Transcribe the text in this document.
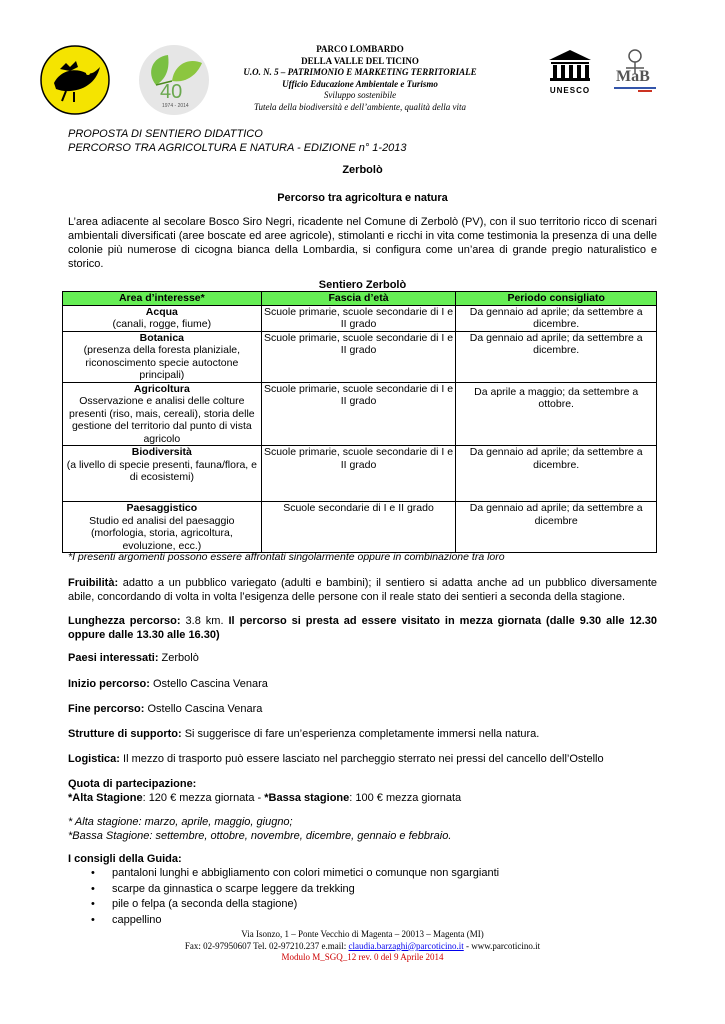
40
1974 - 2014
UNESCO
MaB
PARCO LOMBARDO
DELLA VALLE DEL TICINO
U.O. N. 5 – PATRIMONIO E MARKETING TERRITORIALE
Ufficio Educazione Ambientale e Turismo
Sviluppo sostenibile
Tutela della biodiversità e dell’ambiente, qualità della vita
PROPOSTA DI SENTIERO DIDATTICO
PERCORSO TRA AGRICOLTURA E NATURA - EDIZIONE n° 1-2013
Zerbolò
Percorso tra agricoltura e natura
L’area adiacente al secolare Bosco Siro Negri, ricadente nel Comune di Zerbolò (PV), con il suo territorio ricco di scenari ambientali diversificati (aree boscate ed aree agricole), stimolanti e ricchi in vita come testimonia la presenza di una delle colonie più numerose di cicogna bianca della Lombardia, si configura come un’area di grande pregio naturalistico e storico.
Sentiero Zerbolò
Area d’interesse*	Fascia d’età	Periodo consigliato

Acqua
(canali, rogge, fiume)	Scuole primarie, scuole secondarie di I e II grado	Da gennaio ad aprile; da settembre a dicembre.

Botanica
(presenza della foresta planiziale, riconoscimento specie autoctone principali)	Scuole primarie, scuole secondarie di I e II grado	Da gennaio ad aprile; da settembre a dicembre.

Agricoltura
Osservazione e analisi delle colture presenti (riso, mais, cereali), storia delle gestione del territorio dal punto di vista agricolo	Scuole primarie, scuole secondarie di I e II grado	Da aprile a maggio; da settembre a ottobre.

Biodiversità
(a livello di specie presenti, fauna/flora, e di ecosistemi)	Scuole primarie, scuole secondarie di I e II grado	Da gennaio ad aprile; da settembre a dicembre.

Paesaggistico
Studio ed analisi del paesaggio (morfologia, storia, agricoltura, evoluzione, ecc.)	Scuole secondarie di I e II grado	Da gennaio ad aprile; da settembre a dicembre
*I presenti argomenti possono essere affrontati singolarmente oppure in combinazione tra loro
Fruibilità: adatto a un pubblico variegato (adulti e bambini); il sentiero si adatta anche ad un pubblico diversamente abile, concordando di volta in volta l’esigenza delle persone con il reale stato dei sentieri a seconda della stagione.
Lunghezza percorso: 3.8 km. Il percorso si presta ad essere visitato in mezza giornata (dalle 9.30 alle 12.30 oppure dalle 13.30 alle 16.30)
Paesi interessati: Zerbolò
Inizio percorso: Ostello Cascina Venara
Fine percorso: Ostello Cascina Venara
Strutture di supporto: Si suggerisce di fare un’esperienza completamente immersi nella natura.
Logistica: Il mezzo di trasporto può essere lasciato nel parcheggio sterrato nei pressi del cancello dell’Ostello
Quota di partecipazione:
*Alta Stagione: 120 € mezza giornata - *Bassa stagione: 100 € mezza giornata
* Alta stagione: marzo, aprile, maggio, giugno;
*Bassa Stagione: settembre, ottobre, novembre, dicembre, gennaio e febbraio.
I consigli della Guida:
• pantaloni lunghi e abbigliamento con colori mimetici o comunque non sgargianti
• scarpe da ginnastica o scarpe leggere da trekking
• pile o felpa (a seconda della stagione)
• cappellino
Via Isonzo, 1 – Ponte Vecchio di Magenta – 20013 – Magenta (MI)
Fax: 02-97950607 Tel. 02-97210.237 e.mail: claudia.barzaghi@parcoticino.it - www.parcoticino.it
Modulo M_SGQ_12 rev. 0 del 9 Aprile 2014
